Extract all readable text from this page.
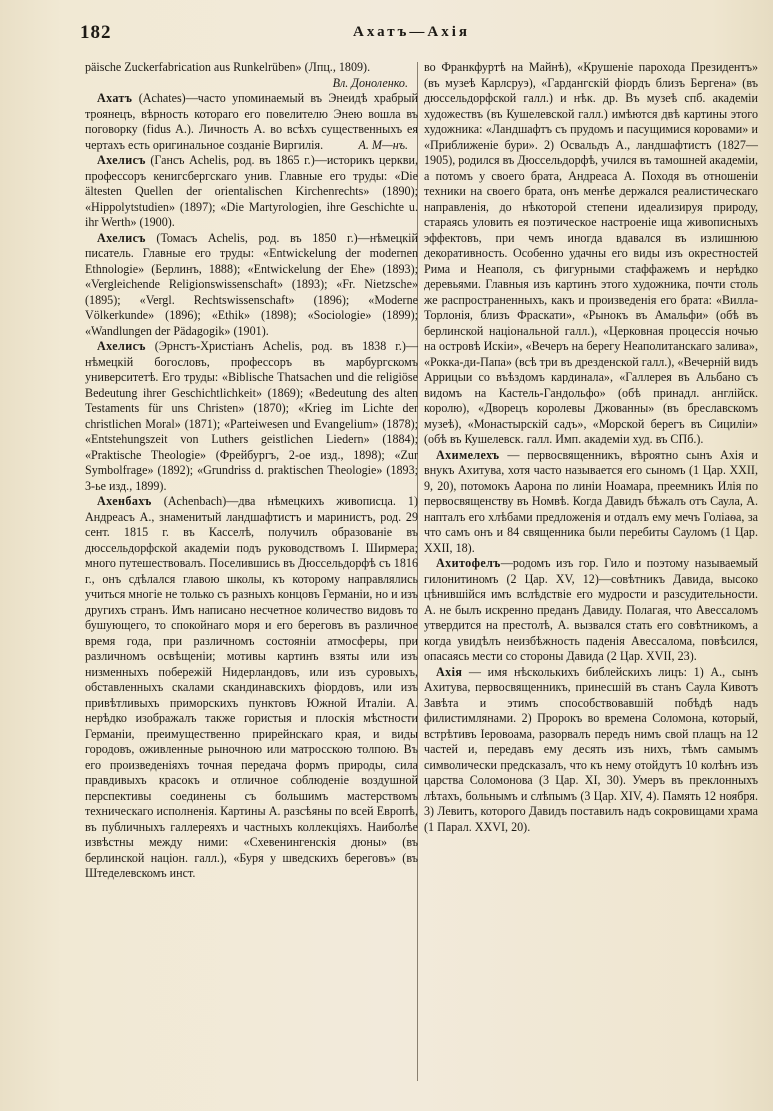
182	Ахатъ—Ахія

päische Zuckerfabrication aus Runkelrüben» (Лпц., 1809).
Вл. Доноленко.

Ахатъ (Achates)—часто упоминаемый въ Энеидѣ храбрый троянецъ, вѣрность котораго его повелителю Энею вошла въ поговорку (fidus A.). Личность А. во всѣхъ существенныхъ ея чертахъ есть оригинальное созданіе Виргилія.	A. M—нъ.

Ахелисъ (Гансъ Achelis, род. въ 1865 г.)—историкъ церкви, профессоръ кенигсбергскаго унив. Главные его труды: «Die ältesten Quellen der orientalischen Kirchenrechts» (1890); «Hippolytstudien» (1897); «Die Martyrologien, ihre Geschichte u. ihr Werth» (1900).

Ахелисъ (Томасъ Achelis, род. въ 1850 г.)—нѣмецкій писатель. Главные его труды: «Entwickelung der modernen Ethnologie» (Берлинъ, 1888); «Entwickelung der Ehe» (1893); «Vergleichende Religionswissenschaft» (1893); «Fr. Nietzsche» (1895); «Vergl. Rechtswissenschaft» (1896); «Moderne Völkerkunde» (1896); «Ethik» (1898); «Sociologie» (1899); «Wandlungen der Pädagogik» (1901).

Ахелисъ (Эрнстъ-Христіанъ Achelis, род. въ 1838 г.)—нѣмецкій богословъ, профессоръ въ марбургскомъ университетѣ. Его труды: «Biblische Thatsachen und die religiöse Bedeutung ihrer Geschichtlichkeit» (1869); «Bedeutung des alten Testaments für uns Christen» (1870); «Krieg im Lichte der christlichen Moral» (1871); «Parteiwesen und Evangelium» (1878); «Entstehungszeit von Luthers geistlichen Liedern» (1884); «Praktische Theologie» (Фрейбургъ, 2-ое изд., 1898); «Zur Symbolfrage» (1892); «Grundriss d. praktischen Theologie» (1893; 3-ье изд., 1899).

Ахенбахъ (Achenbach)—два нѣмецкихъ живописца. 1) Андреасъ А., знаменитый ландшафтистъ и маринистъ, род. 29 сент. 1815 г. въ Касселѣ, получилъ образованіе въ дюссельдорфской академіи подъ руководствомъ І. Ширмера; много путешествовалъ. Поселившись въ Дюссельдорфѣ съ 1816 г., онъ сдѣлался главою школы, къ которому направлялись учиться многіе не только съ разныхъ концовъ Германіи, но и изъ другихъ странъ. Имъ написано несчетное количество видовъ то бушующего, то спокойнаго моря и его береговъ въ различное время года, при различномъ состояніи атмосферы, при различномъ освѣщеніи; мотивы картинъ взяты или изъ низменныхъ побережій Нидерландовъ, или изъ суровыхъ, обставленныхъ скалами скандинавскихъ фіордовъ, или изъ привѣтливыхъ приморскихъ пунктовъ Южной Италіи. А. нерѣдко изображалъ также гористыя и плоскія мѣстности Германіи, преимущественно прирейнскаго края, и виды городовъ, оживленные рыночною или матросскою толпою. Въ его произведеніяхъ точная передача формъ природы, сила правдивыхъ красокъ и отличное соблюденіе воздушной перспективы соединены съ большимъ мастерствомъ техническаго исполненія. Картины А. разсѣяны по всей Европѣ, въ публичныхъ галлереяхъ и частныхъ коллекціяхъ. Наиболѣе извѣстны между ними: «Схевенингенскія дюны» (въ берлинской націон. галл.), «Буря у шведскихъ береговъ» (въ Штеделевскомъ инст.

во Франкфуртѣ на Майнѣ), «Крушеніе парохода Президентъ» (въ музеѣ Карлсруэ), «Гардангскій фіордъ близъ Бергена» (въ дюссельдорфской галл.) и нѣк. др. Въ музеѣ спб. академіи художествъ (въ Кушелевской галл.) имѣются двѣ картины этого художника: «Ландшафтъ съ прудомъ и пасущимися коровами» и «Приближеніе бури». 2) Освальдъ А., ландшафтистъ (1827—1905), родился въ Дюссельдорфѣ, учился въ тамошней академіи, а потомъ у своего брата, Андреаса А. Походя въ отношеніи техники на своего брата, онъ менѣе держался реалистическаго направленія, до нѣкоторой степени идеализируя природу, стараясь уловить ея поэтическое настроеніе ища живописныхъ эффектовъ, при чемъ иногда вдавался въ излишнюю декоративность. Особенно удачны его виды изъ окрестностей Рима и Неаполя, съ фигурными стаффажемъ и нерѣдко деревьями. Главныя изъ картинъ этого художника, почти столь же распространенныхъ, какъ и произведенія его брата: «Вилла-Торлонія, близъ Фраскати», «Рынокъ въ Амальфи» (обѣ въ берлинской національной галл.), «Церковная процессія ночью на островѣ Искіи», «Вечеръ на берегу Неаполитанскаго залива», «Рокка-ди-Папа» (всѣ три въ дрезденской галл.), «Вечерній видъ Аррицыи со въѣздомъ кардинала», «Галлерея въ Альбано съ видомъ на Кастель-Гандольфо» (обѣ принадл. англійск. королю), «Дворецъ королевы Джованны» (въ бреславскомъ музеѣ), «Монастырскій садъ», «Морской берегъ въ Сициліи» (обѣ въ Кушелевск. галл. Имп. академіи худ. въ СПб.).

Ахимелехъ — первосвященникъ, вѣроятно сынъ Ахія и внукъ Ахитува, хотя часто называется его сыномъ (1 Цар. XXII, 9, 20), потомокъ Аарона по линіи Ноамара, преемникъ Илія по первосвященству въ Номвѣ. Когда Давидъ бѣжалъ отъ Саула, А. напталъ его хлѣбами предложенія и отдалъ ему мечъ Голіаѳа, за что самъ онъ и 84 священника были перебиты Сауломъ (1 Цар. XXII, 18).

Ахитофелъ—родомъ изъ гор. Гило и поэтому называемый гилонитиномъ (2 Цар. XV, 12)—совѣтникъ Давида, высоко цѣнившійся имъ вслѣдствіе его мудрости и разсудительности. А. не былъ искренно преданъ Давиду. Полагая, что Авессаломъ утвердится на престолѣ, А. вызвался стать его совѣтникомъ, а когда увидѣлъ неизбѣжность паденія Авессалома, повѣсился, опасаясь мести со стороны Давида (2 Цар. XVII, 23).

Ахія — имя нѣсколькихъ библейскихъ лицъ: 1) А., сынъ Ахитува, первосвященникъ, принесшій въ станъ Саула Кивотъ Завѣта и этимъ способствовавшій побѣдѣ надъ филистимлянами. 2) Пророкъ во времена Соломона, который, встрѣтивъ Іеровоама, разорвалъ передъ нимъ свой плащъ на 12 частей и, передавъ ему десять изъ нихъ, тѣмъ самымъ символически предсказалъ, что къ нему отойдутъ 10 колѣнъ изъ царства Соломонова (3 Цар. XI, 30). Умеръ въ преклонныхъ лѣтахъ, больнымъ и слѣпымъ (3 Цар. XIV, 4). Память 12 ноября. 3) Левитъ, которого Давидъ поставилъ надъ сокровищами храма (1 Парал. XXVI, 20).
